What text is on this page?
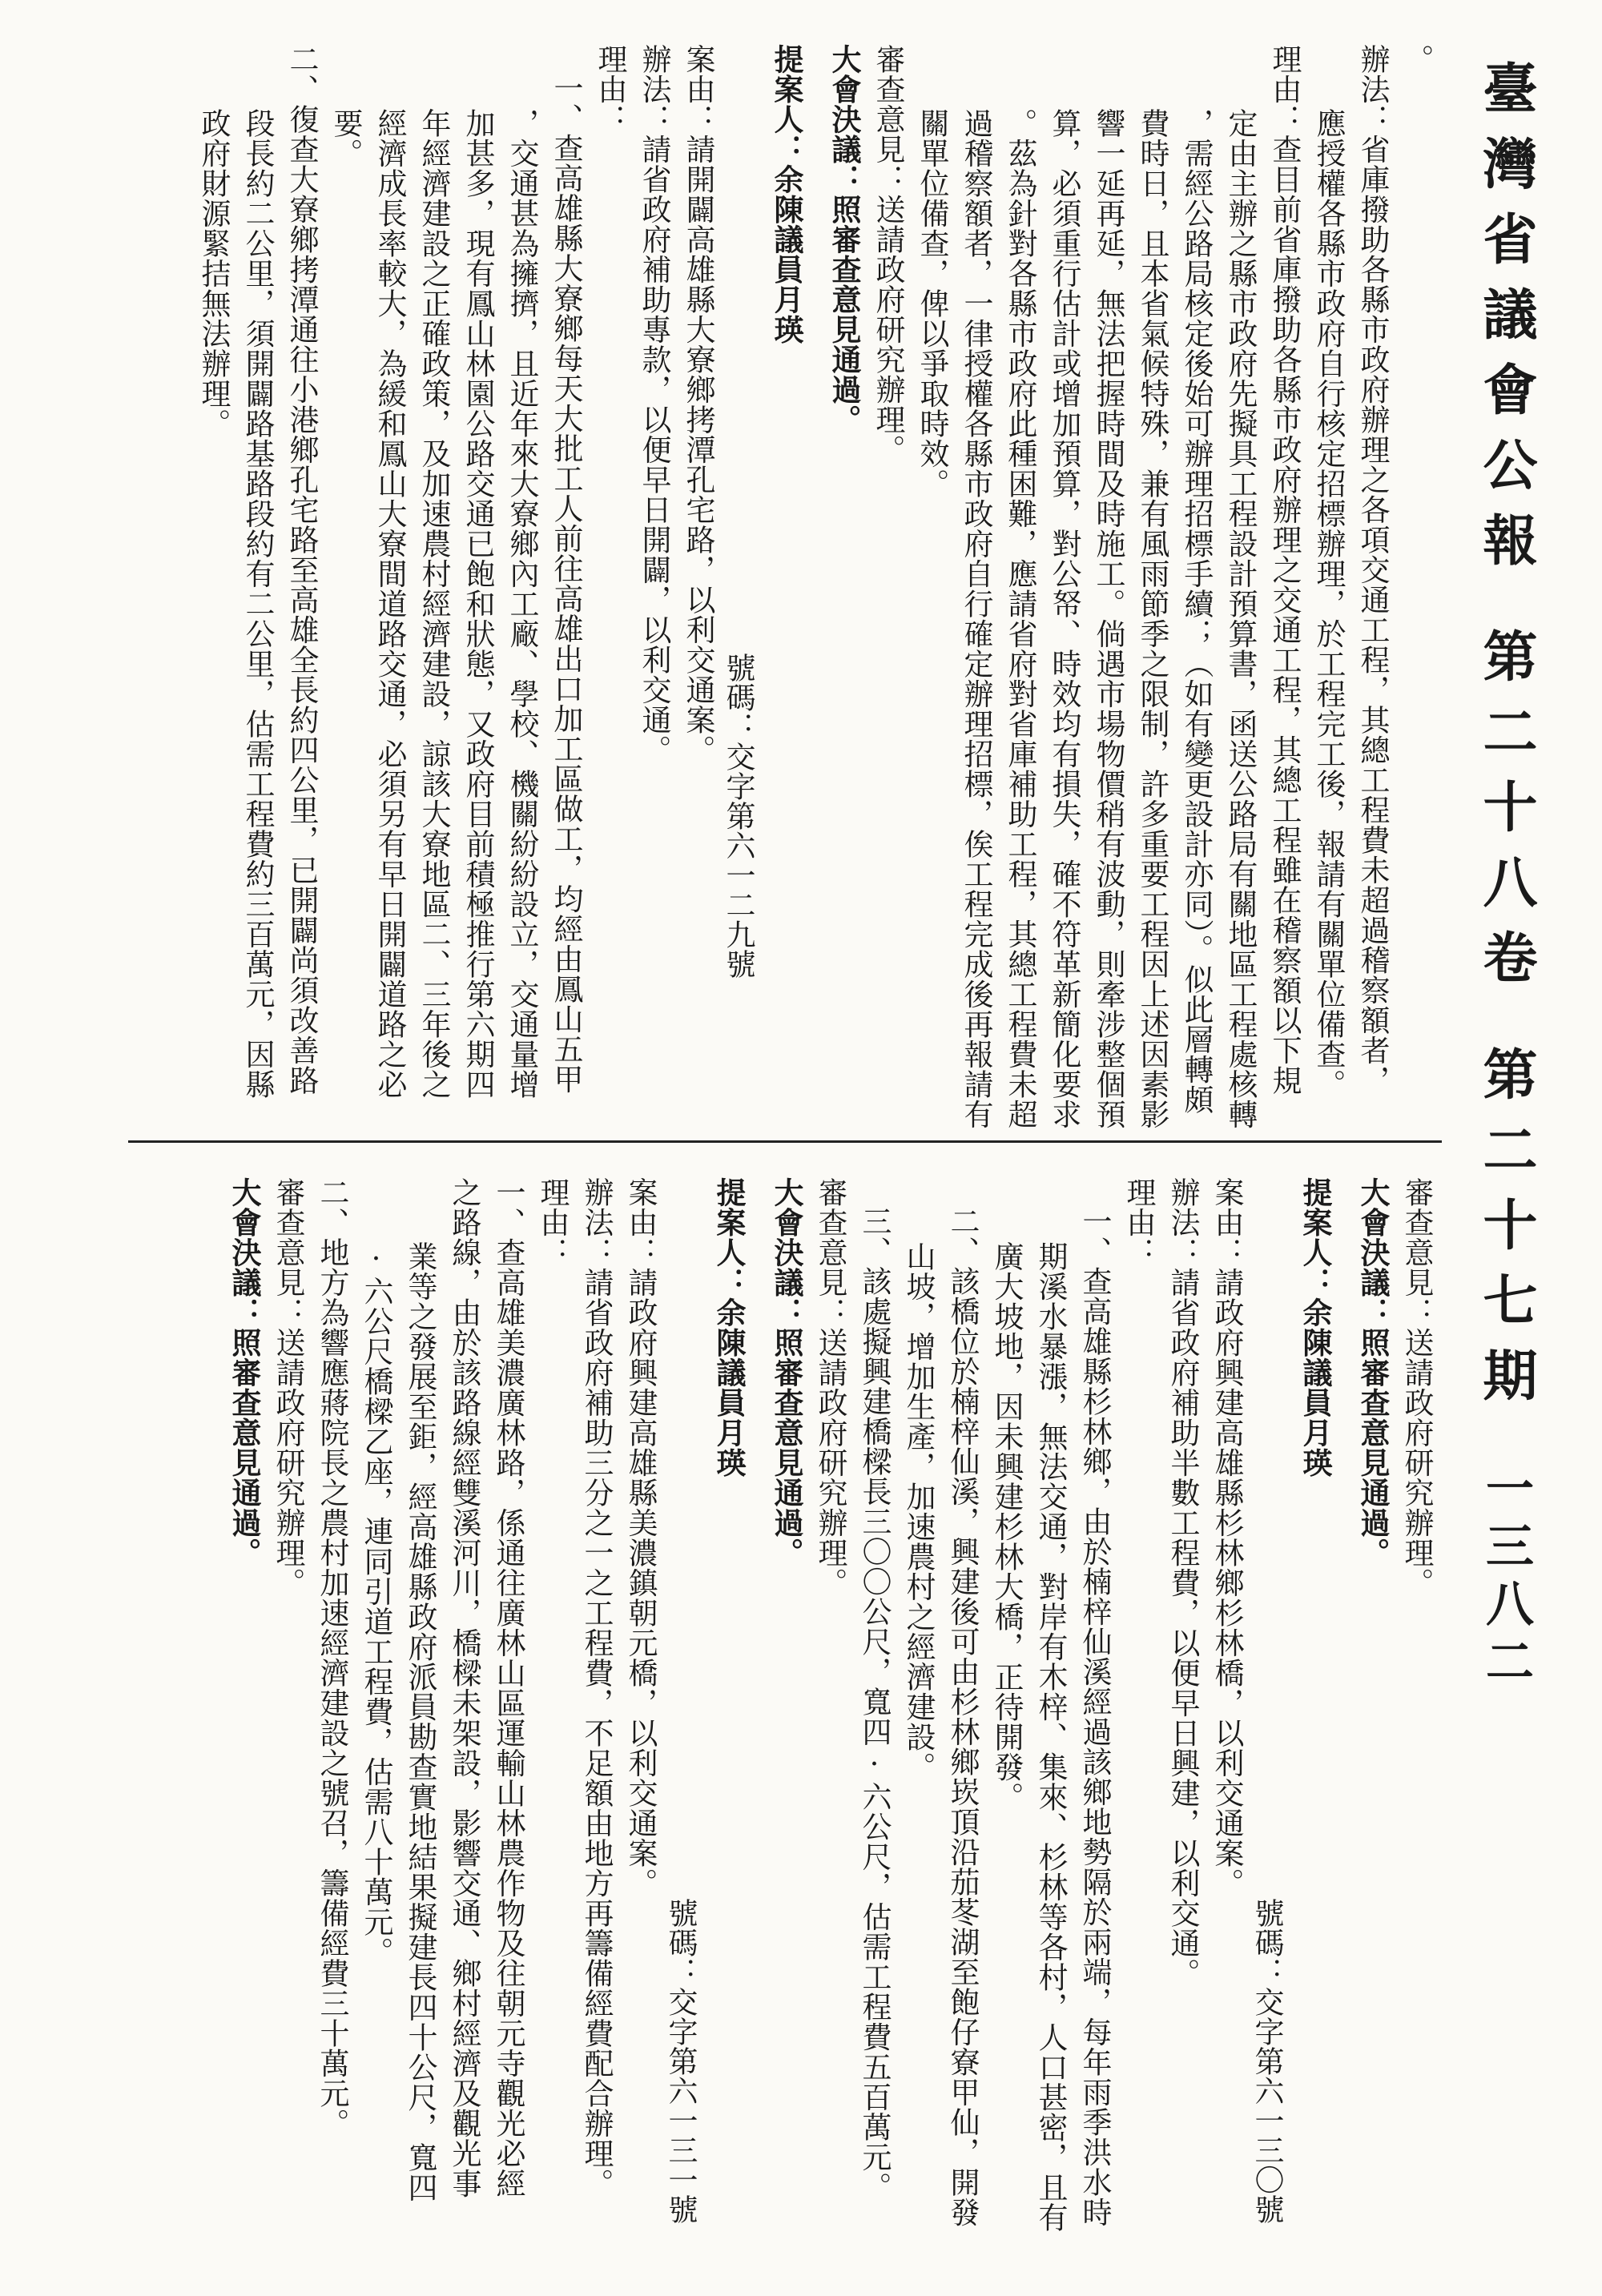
臺灣省議會公報
第二十八卷
第二十七期
一三八二
。
辦法：省庫撥助各縣市政府辦理之各項交通工程，其總工程費未超過稽察額者，
應授權各縣市政府自行核定招標辦理，於工程完工後，報請有關單位備查。
理由：查目前省庫撥助各縣市政府辦理之交通工程，其總工程雖在稽察額以下規
定由主辦之縣市政府先擬具工程設計預算書，函送公路局有關地區工程處核轉
，需經公路局核定後始可辦理招標手續；（如有變更設計亦同）。似此層轉頗
費時日，且本省氣候特殊，兼有風雨節季之限制，許多重要工程因上述因素影
響一延再延，無法把握時間及時施工。倘遇市場物價稍有波動，則牽涉整個預
算，必須重行估計或增加預算，對公帑、時效均有損失，確不符革新簡化要求
。茲為針對各縣市政府此種困難，應請省府對省庫補助工程，其總工程費未超
過稽察額者，一律授權各縣市政府自行確定辦理招標，俟工程完成後再報請有
關單位備查，俾以爭取時效。
審查意見：送請政府研究辦理。
大會決議：照審查意見通過。
提案人：余陳議員月瑛
號碼：交字第六一二九號
案由：請開闢高雄縣大寮鄉拷潭孔宅路，以利交通案。
辦法：請省政府補助專款，以便早日開闢，以利交通。
理由：
一、查高雄縣大寮鄉每天大批工人前往高雄出口加工區做工，均經由鳳山五甲
，交通甚為擁擠，且近年來大寮鄉內工廠、學校、機關紛紛設立，交通量增
加甚多，現有鳳山林園公路交通已飽和狀態，又政府目前積極推行第六期四
年經濟建設之正確政策，及加速農村經濟建設，諒該大寮地區二、三年後之
經濟成長率較大，為緩和鳳山大寮間道路交通，必須另有早日開闢道路之必
要。
二、復查大寮鄉拷潭通往小港鄉孔宅路至高雄全長約四公里，已開闢尚須改善路
段長約二公里，須開闢路基路段約有二公里，估需工程費約三百萬元，因縣
政府財源緊拮無法辦理。
審查意見：送請政府研究辦理。
大會決議：照審查意見通過。
提案人：余陳議員月瑛
號碼：交字第六一三〇號
案由：請政府興建高雄縣杉林鄉杉林橋，以利交通案。
辦法：請省政府補助半數工程費，以便早日興建，以利交通。
理由：
一、查高雄縣杉林鄉，由於楠梓仙溪經過該鄉地勢隔於兩端，每年雨季洪水時
期溪水暴漲，無法交通，對岸有木梓、集來、杉林等各村，人口甚密，且有
廣大坡地，因未興建杉林大橋，正待開發。
二、該橋位於楠梓仙溪，興建後可由杉林鄉崁頂沿茄苳湖至飽仔寮甲仙，開發
山坡，增加生產，加速農村之經濟建設。
三、該處擬興建橋樑長三〇〇公尺，寬四·六公尺，估需工程費五百萬元。
審查意見：送請政府研究辦理。
大會決議：照審查意見通過。
提案人：余陳議員月瑛
號碼：交字第六一三一號
案由：請政府興建高雄縣美濃鎮朝元橋，以利交通案。
辦法：請省政府補助三分之一之工程費，不足額由地方再籌備經費配合辦理。
理由：
一、查高雄美濃廣林路，係通往廣林山區運輸山林農作物及往朝元寺觀光必經
之路線，由於該路線經雙溪河川，橋樑未架設，影響交通、鄉村經濟及觀光事
業等之發展至鉅，經高雄縣政府派員勘查實地結果擬建長四十公尺，寬四
·六公尺橋樑乙座，連同引道工程費，估需八十萬元。
二、地方為響應蔣院長之農村加速經濟建設之號召，籌備經費三十萬元。
審查意見：送請政府研究辦理。
大會決議：照審查意見通過。
